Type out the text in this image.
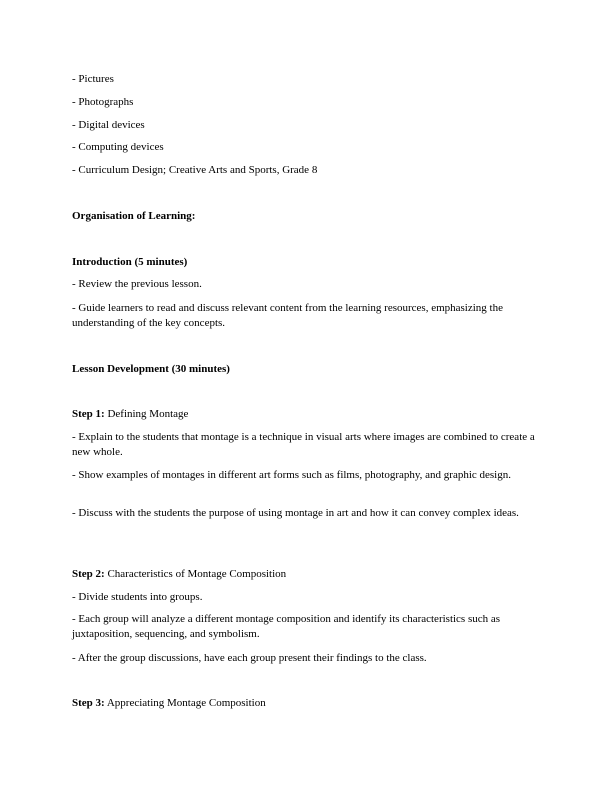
- Pictures

- Photographs

- Digital devices

- Computing devices

- Curriculum Design; Creative Arts and Sports, Grade 8

Organisation of Learning:

Introduction (5 minutes)

- Review the previous lesson.

- Guide learners to read and discuss relevant content from the learning resources, emphasizing the understanding of the key concepts.

Lesson Development (30 minutes)

Step 1: Defining Montage

- Explain to the students that montage is a technique in visual arts where images are combined to create a new whole.

- Show examples of montages in different art forms such as films, photography, and graphic design.

- Discuss with the students the purpose of using montage in art and how it can convey complex ideas.

Step 2: Characteristics of Montage Composition

- Divide students into groups.

- Each group will analyze a different montage composition and identify its characteristics such as juxtaposition, sequencing, and symbolism.

- After the group discussions, have each group present their findings to the class.

Step 3: Appreciating Montage Composition
